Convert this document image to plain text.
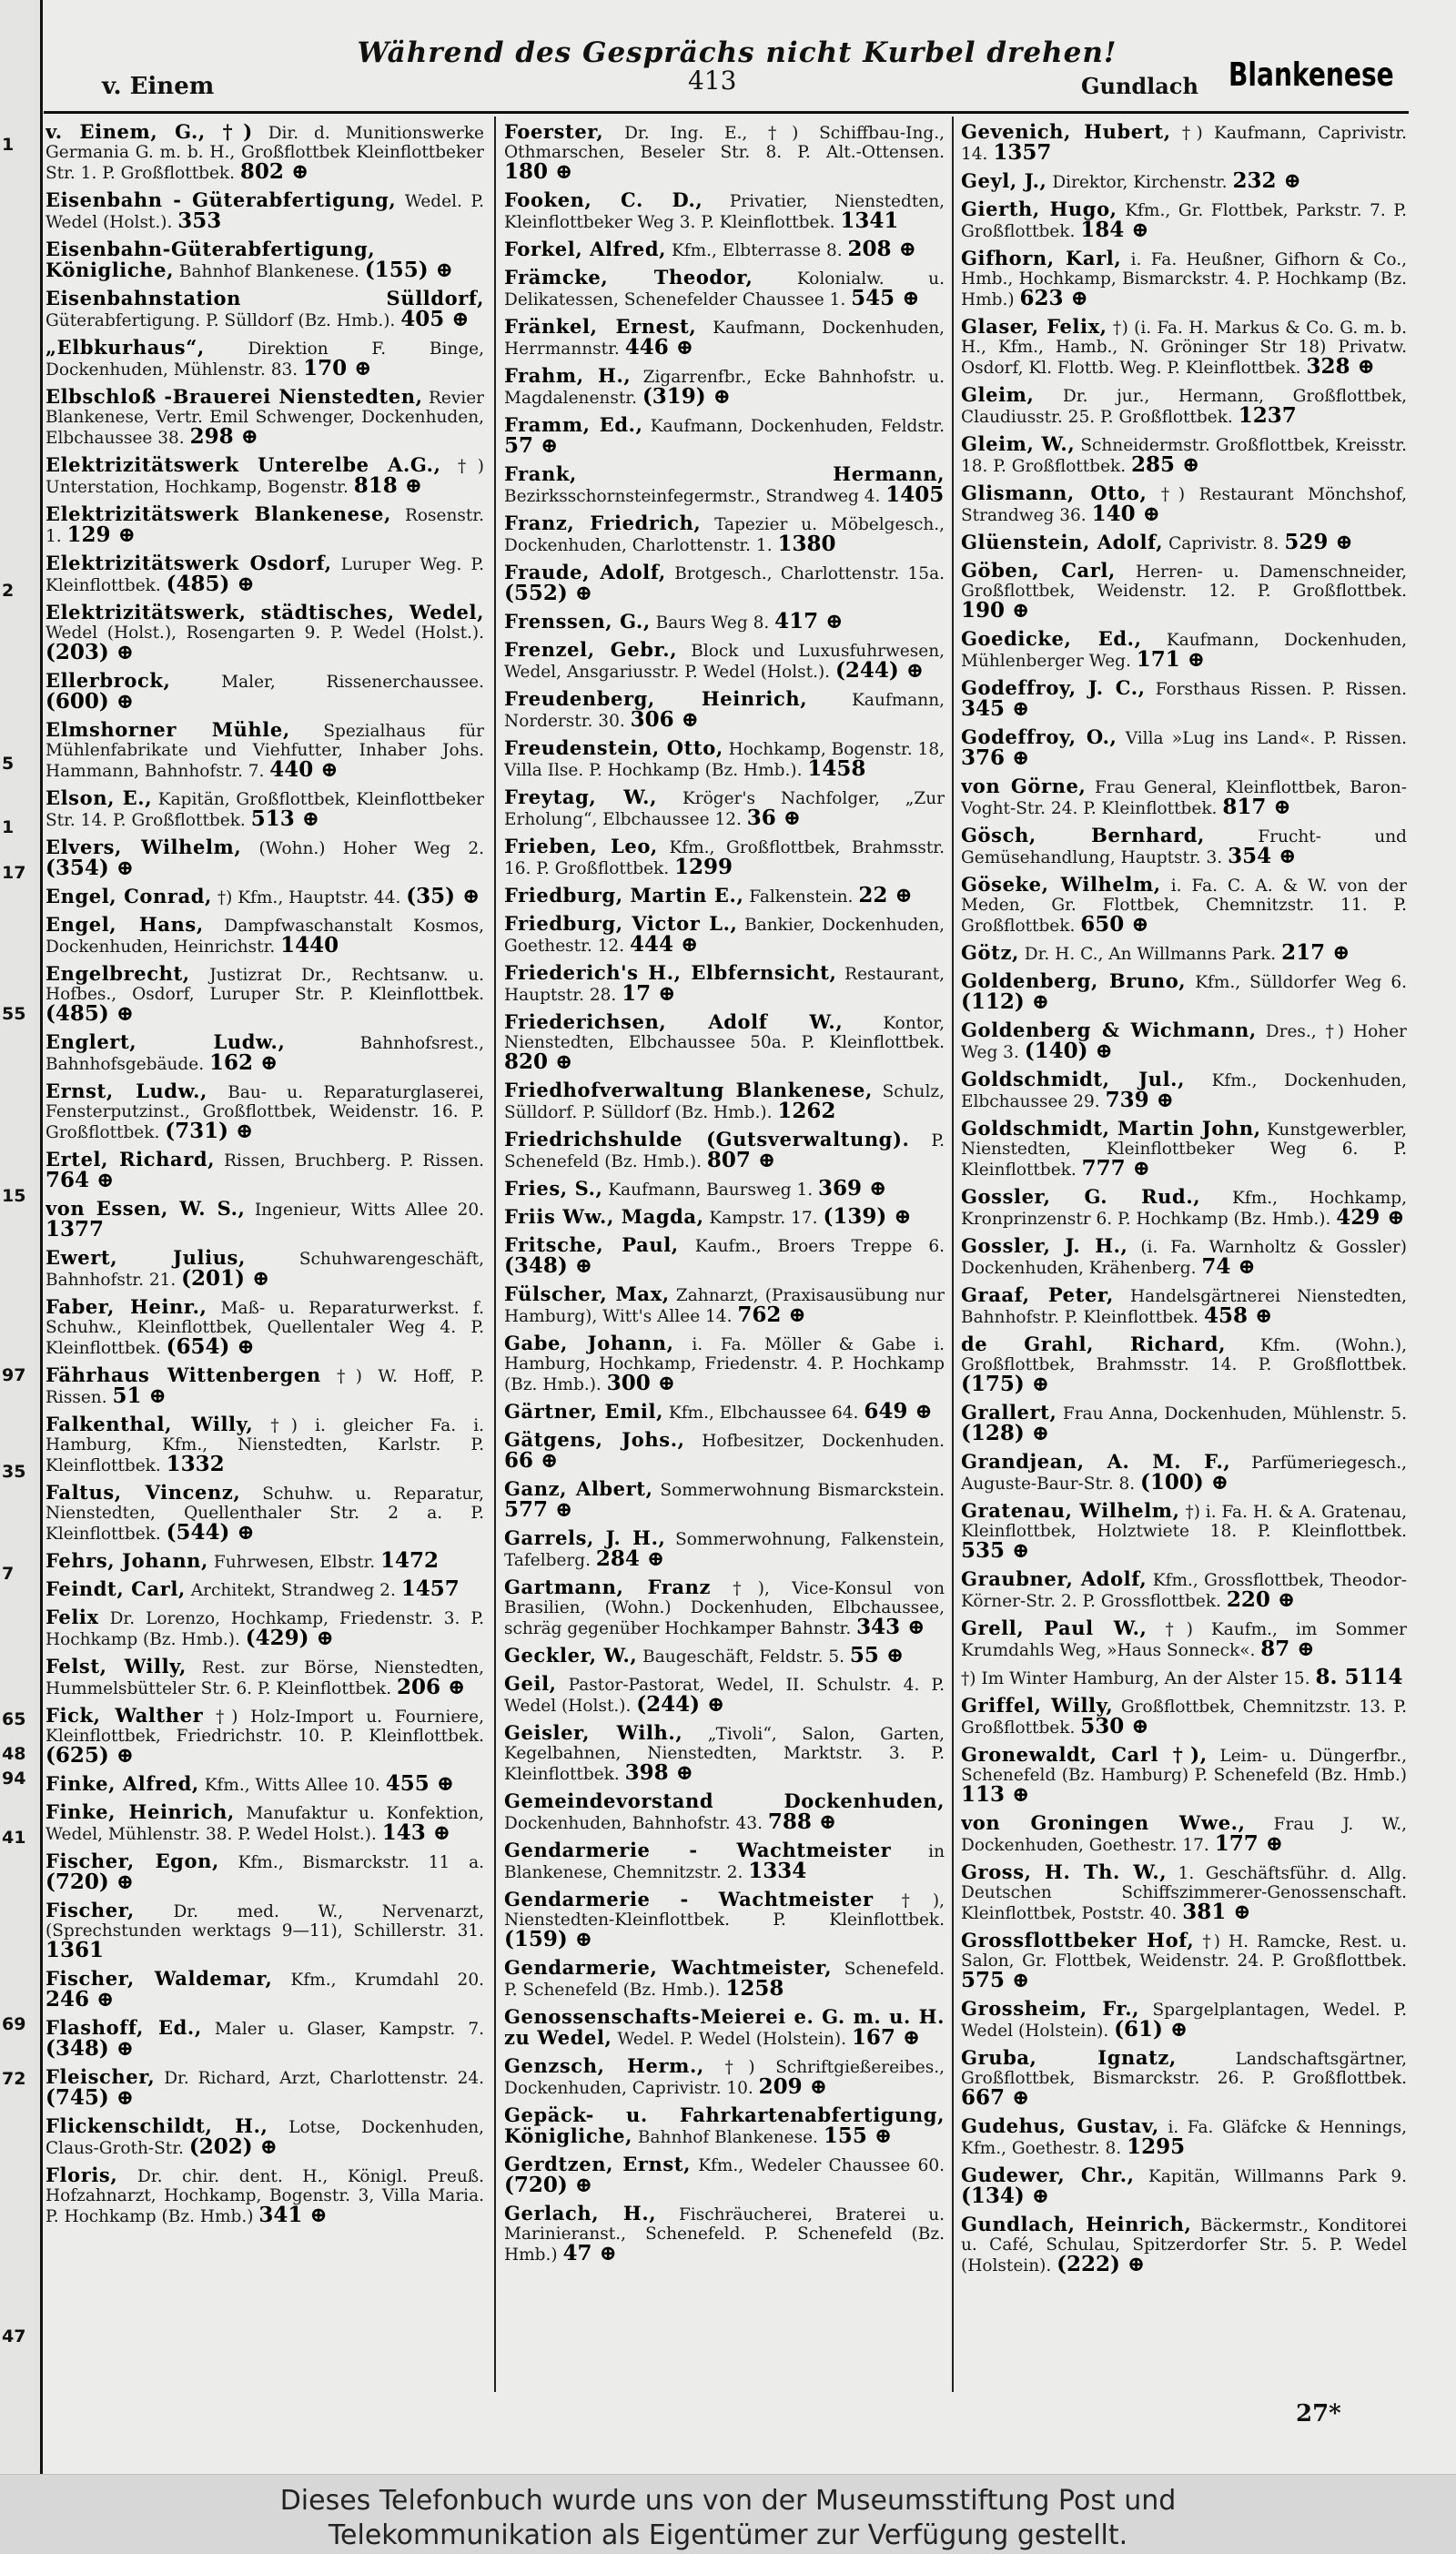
1
2
5
1
17
55
15
97
35
7
65
48
94
41
69
72
47
Während des Gesprächs nicht Kurbel drehen!
v. Einem	413	Gundlach Blankenese
v. Einem, G., †) Dir. d. Munitionswerke Germania G. m. b. H., Großflottbek Kleinflottbeker Str. 1. P. Großflottbek. 802 ⊕
Eisenbahn - Güterabfertigung, Wedel. P. Wedel (Holst.). 353
Eisenbahn-Güterabfertigung, Königliche, Bahnhof Blankenese. (155) ⊕
Eisenbahnstation Sülldorf, Güterabfertigung. P. Sülldorf (Bz. Hmb.). 405 ⊕
„Elbkurhaus“,	Direktion F. Binge, Dockenhuden, Mühlenstr. 83. 170 ⊕
Elbschloß -Brauerei Nienstedten, Revier Blankenese, Vertr. Emil Schwenger, Dockenhuden, Elbchaussee 38. 298 ⊕
Elektrizitätswerk Unterelbe A.G., †) Unterstation, Hochkamp, Bogenstr. 818 ⊕
Elektrizitätswerk Blankenese, Rosenstr. 1. 129 ⊕
Elektrizitätswerk Osdorf, Luruper Weg. P. Kleinflottbek. (485) ⊕
Elektrizitätswerk, städtisches, Wedel, Wedel (Holst.), Rosengarten 9. P. Wedel (Holst.). (203) ⊕
Ellerbrock,	Maler, Rissenerchaussee. (600) ⊕
Elmshorner Mühle, Spezialhaus für Mühlenfabrikate und Viehfutter, Inhaber Johs. Hammann, Bahnhofstr. 7. 440 ⊕
Elson, E., Kapitän, Großflottbek, Kleinflottbeker Str. 14. P. Großflottbek. 513 ⊕
Elvers, Wilhelm, (Wohn.) Hoher Weg 2. (354) ⊕
Engel, Conrad, †) Kfm., Hauptstr. 44. (35) ⊕
Engel, Hans, Dampfwaschanstalt Kosmos, Dockenhuden, Heinrichstr. 1440
Engelbrecht, Justizrat Dr., Rechtsanw. u. Hofbes., Osdorf, Luruper Str. P. Kleinflottbek. (485) ⊕
Englert, Ludw.,	Bahnhofsrest., Bahnhofsgebäude. 162 ⊕
Ernst, Ludw., Bau- u. Reparaturglaserei, Fensterputzinst., Großflottbek, Weidenstr. 16. P. Großflottbek. (731) ⊕
Ertel, Richard, Rissen, Bruchberg. P. Rissen. 764 ⊕
von Essen, W. S., Ingenieur, Witts Allee 20. 1377
Ewert, Julius,	Schuhwarengeschäft, Bahnhofstr. 21. (201) ⊕
Faber, Heinr., Maß- u. Reparaturwerkst. f. Schuhw., Kleinflottbek, Quellentaler Weg 4. P. Kleinflottbek. (654) ⊕
Fährhaus Wittenbergen †) W. Hoff, P. Rissen. 51 ⊕
Falkenthal, Willy, †) i. gleicher Fa. i. Hamburg, Kfm., Nienstedten, Karlstr. P. Kleinflottbek. 1332
Faltus, Vincenz, Schuhw. u. Reparatur, Nienstedten, Quellenthaler Str. 2 a. P. Kleinflottbek. (544) ⊕
Fehrs, Johann, Fuhrwesen, Elbstr. 1472
Feindt, Carl, Architekt, Strandweg 2. 1457
Felix Dr. Lorenzo, Hochkamp, Friedenstr. 3. P. Hochkamp (Bz. Hmb.). (429) ⊕
Felst, Willy, Rest. zur Börse, Nienstedten, Hummelsbütteler Str. 6. P. Kleinflottbek. 206 ⊕
Fick, Walther †) Holz-Import u. Fourniere, Kleinflottbek, Friedrichstr. 10. P. Kleinflottbek. (625) ⊕
Finke, Alfred, Kfm., Witts Allee 10. 455 ⊕
Finke, Heinrich, Manufaktur u. Konfektion, Wedel, Mühlenstr. 38. P. Wedel Holst.). 143 ⊕
Fischer, Egon, Kfm., Bismarckstr. 11 a. (720) ⊕
Fischer, Dr. med. W., Nervenarzt, (Sprechstunden werktags 9—11), Schillerstr. 31. 1361
Fischer, Waldemar, Kfm., Krumdahl 20. 246 ⊕
Flashoff, Ed., Maler u. Glaser, Kampstr. 7. (348) ⊕
Fleischer, Dr. Richard, Arzt, Charlottenstr. 24. (745) ⊕
Flickenschildt, H., Lotse, Dockenhuden, Claus-Groth-Str. (202) ⊕
Floris, Dr. chir. dent. H., Königl. Preuß. Hofzahnarzt, Hochkamp, Bogenstr. 3, Villa Maria. P. Hochkamp (Bz. Hmb.) 341 ⊕
Foerster, Dr. Ing. E., †) Schiffbau-Ing., Othmarschen, Beseler Str. 8. P. Alt.-Ottensen. 180 ⊕
Fooken, C. D., Privatier, Nienstedten, Kleinflottbeker Weg 3. P. Kleinflottbek. 1341
Forkel, Alfred, Kfm., Elbterrasse 8. 208 ⊕
Främcke, Theodor,	Kolonialw. u. Delikatessen, Schenefelder Chaussee 1. 545 ⊕
Fränkel, Ernest, Kaufmann, Dockenhuden, Herrmannstr. 446 ⊕
Frahm, H., Zigarrenfbr., Ecke Bahnhofstr. u. Magdalenenstr. (319) ⊕
Framm, Ed., Kaufmann, Dockenhuden, Feldstr. 57 ⊕
Frank, Hermann, Bezirksschornsteinfegermstr., Strandweg 4. 1405
Franz, Friedrich, Tapezier u. Möbelgesch., Dockenhuden, Charlottenstr. 1. 1380
Fraude, Adolf, Brotgesch., Charlottenstr. 15a. (552) ⊕
Frenssen, G., Baurs Weg 8. 417 ⊕
Frenzel, Gebr., Block und Luxusfuhrwesen, Wedel, Ansgariusstr. P. Wedel (Holst.). (244) ⊕
Freudenberg, Heinrich,	Kaufmann, Norderstr. 30. 306 ⊕
Freudenstein, Otto, Hochkamp, Bogenstr. 18, Villa Ilse. P. Hochkamp (Bz. Hmb.). 1458
Freytag, W., Kröger's Nachfolger, „Zur Erholung“, Elbchaussee 12. 36 ⊕
Frieben, Leo, Kfm., Großflottbek, Brahmsstr. 16. P. Großflottbek. 1299
Friedburg, Martin E., Falkenstein. 22 ⊕
Friedburg, Victor L., Bankier, Dockenhuden, Goethestr. 12. 444 ⊕
Friederich's H., Elbfernsicht, Restaurant, Hauptstr. 28. 17 ⊕
Friederichsen, Adolf W., Kontor, Nienstedten, Elbchaussee 50a. P. Kleinflottbek. 820 ⊕
Friedhofverwaltung Blankenese, Schulz, Sülldorf. P. Sülldorf (Bz. Hmb.). 1262
Friedrichshulde (Gutsverwaltung). P. Schenefeld (Bz. Hmb.). 807 ⊕
Fries, S., Kaufmann, Baursweg 1. 369 ⊕
Friis Ww., Magda, Kampstr. 17. (139) ⊕
Fritsche, Paul, Kaufm., Broers Treppe 6. (348) ⊕
Fülscher, Max, Zahnarzt, (Praxisausübung nur Hamburg), Witt's Allee 14. 762 ⊕
Gabe, Johann, i. Fa. Möller & Gabe i. Hamburg, Hochkamp, Friedenstr. 4. P. Hochkamp (Bz. Hmb.). 300 ⊕
Gärtner, Emil, Kfm., Elbchaussee 64. 649 ⊕
Gätgens, Johs., Hofbesitzer, Dockenhuden. 66 ⊕
Ganz, Albert, Sommerwohnung Bismarckstein. 577 ⊕
Garrels, J. H., Sommerwohnung, Falkenstein, Tafelberg. 284 ⊕
Gartmann, Franz †), Vice-Konsul von Brasilien, (Wohn.) Dockenhuden, Elbchaussee, schräg gegenüber Hochkamper Bahnstr. 343 ⊕
Geckler, W., Baugeschäft, Feldstr. 5. 55 ⊕
Geil, Pastor-Pastorat, Wedel, II. Schulstr. 4. P. Wedel (Holst.). (244) ⊕
Geisler, Wilh., „Tivoli“, Salon, Garten, Kegelbahnen, Nienstedten, Marktstr. 3. P. Kleinflottbek. 398 ⊕
Gemeindevorstand Dockenhuden, Dockenhuden, Bahnhofstr. 43. 788 ⊕
Gendarmerie - Wachtmeister in Blankenese, Chemnitzstr. 2. 1334
Gendarmerie - Wachtmeister †), Nienstedten-Kleinflottbek. P. Kleinflottbek. (159) ⊕
Gendarmerie, Wachtmeister, Schenefeld. P. Schenefeld (Bz. Hmb.). 1258
Genossenschafts-Meierei e. G. m. u. H. zu Wedel, Wedel. P. Wedel (Holstein). 167 ⊕
Genzsch, Herm., †) Schriftgießereibes., Dockenhuden, Caprivistr. 10. 209 ⊕
Gepäck- u. Fahrkartenabfertigung, Königliche, Bahnhof Blankenese. 155 ⊕
Gerdtzen, Ernst, Kfm., Wedeler Chaussee 60. (720) ⊕
Gerlach, H., Fischräucherei, Braterei u. Marinieranst., Schenefeld. P. Schenefeld (Bz. Hmb.) 47 ⊕
Gevenich, Hubert, †) Kaufmann, Caprivistr. 14. 1357
Geyl, J., Direktor, Kirchenstr. 232 ⊕
Gierth, Hugo, Kfm., Gr. Flottbek, Parkstr. 7. P. Großflottbek. 184 ⊕
Gifhorn, Karl, i. Fa. Heußner, Gifhorn & Co., Hmb., Hochkamp, Bismarckstr. 4. P. Hochkamp (Bz. Hmb.) 623 ⊕
Glaser, Felix, †) (i. Fa. H. Markus & Co. G. m. b. H., Kfm., Hamb., N. Gröninger Str 18) Privatw. Osdorf, Kl. Flottb. Weg. P. Kleinflottbek. 328 ⊕
Gleim, Dr. jur., Hermann, Großflottbek, Claudiusstr. 25. P. Großflottbek. 1237
Gleim, W., Schneidermstr. Großflottbek, Kreisstr. 18. P. Großflottbek. 285 ⊕
Glismann, Otto, †) Restaurant Mönchshof, Strandweg 36. 140 ⊕
Glüenstein, Adolf, Caprivistr. 8. 529 ⊕
Göben, Carl, Herren- u. Damenschneider, Großflottbek, Weidenstr. 12. P. Großflottbek. 190 ⊕
Goedicke, Ed., Kaufmann, Dockenhuden, Mühlenberger Weg. 171 ⊕
Godeffroy, J. C., Forsthaus Rissen. P. Rissen. 345 ⊕
Godeffroy, O., Villa »Lug ins Land«. P. Rissen. 376 ⊕
von Görne, Frau General, Kleinflottbek, Baron-Voght-Str. 24. P. Kleinflottbek. 817 ⊕
Gösch, Bernhard,	Frucht- und Gemüsehandlung, Hauptstr. 3. 354 ⊕
Göseke, Wilhelm, i. Fa. C. A. & W. von der Meden, Gr. Flottbek, Chemnitzstr. 11. P. Großflottbek. 650 ⊕
Götz, Dr. H. C., An Willmanns Park. 217 ⊕
Goldenberg, Bruno, Kfm., Sülldorfer Weg 6. (112) ⊕
Goldenberg & Wichmann, Dres., †) Hoher Weg 3. (140) ⊕
Goldschmidt, Jul., Kfm., Dockenhuden, Elbchaussee 29. 739 ⊕
Goldschmidt, Martin John, Kunstgewerbler, Nienstedten, Kleinflottbeker Weg 6. P. Kleinflottbek. 777 ⊕
Gossler, G. Rud., Kfm., Hochkamp, Kronprinzenstr 6. P. Hochkamp (Bz. Hmb.). 429 ⊕
Gossler, J. H., (i. Fa. Warnholtz & Gossler) Dockenhuden, Krähenberg. 74 ⊕
Graaf, Peter, Handelsgärtnerei Nienstedten, Bahnhofstr. P. Kleinflottbek. 458 ⊕
de Grahl, Richard, Kfm. (Wohn.), Großflottbek, Brahmsstr. 14. P. Großflottbek. (175) ⊕
Grallert, Frau Anna, Dockenhuden, Mühlenstr. 5. (128) ⊕
Grandjean, A. M. F., Parfümeriegesch., Auguste-Baur-Str. 8. (100) ⊕
Gratenau, Wilhelm, †) i. Fa. H. & A. Gratenau, Kleinflottbek, Holztwiete 18. P. Kleinflottbek. 535 ⊕
Graubner, Adolf, Kfm., Grossflottbek, Theodor-Körner-Str. 2. P. Grossflottbek. 220 ⊕
Grell, Paul W., †) Kaufm., im Sommer Krumdahls Weg, »Haus Sonneck«. 87 ⊕
†) Im Winter Hamburg, An der Alster 15. 8. 5114
Griffel, Willy, Großflottbek, Chemnitzstr. 13. P. Großflottbek. 530 ⊕
Gronewaldt, Carl †), Leim- u. Düngerfbr., Schenefeld (Bz. Hamburg) P. Schenefeld (Bz. Hmb.) 113 ⊕
von Groningen Wwe., Frau J. W., Dockenhuden, Goethestr. 17. 177 ⊕
Gross, H. Th. W., 1. Geschäftsführ. d. Allg. Deutschen Schiffszimmerer-Genossenschaft. Kleinflottbek, Poststr. 40. 381 ⊕
Grossflottbeker Hof, †) H. Ramcke, Rest. u. Salon, Gr. Flottbek, Weidenstr. 24. P. Großflottbek. 575 ⊕
Grossheim, Fr., Spargelplantagen, Wedel. P. Wedel (Holstein). (61) ⊕
Gruba, Ignatz,	Landschaftsgärtner, Großflottbek, Bismarckstr. 26. P. Großflottbek. 667 ⊕
Gudehus, Gustav, i. Fa. Gläfcke & Hennings, Kfm., Goethestr. 8. 1295
Gudewer, Chr., Kapitän, Willmanns Park 9. (134) ⊕
Gundlach, Heinrich, Bäckermstr., Konditorei u. Café, Schulau, Spitzerdorfer Str. 5. P. Wedel (Holstein). (222) ⊕
27*
Dieses Telefonbuch wurde uns von der Museumsstiftung Post und
Telekommunikation als Eigentümer zur Verfügung gestellt.
